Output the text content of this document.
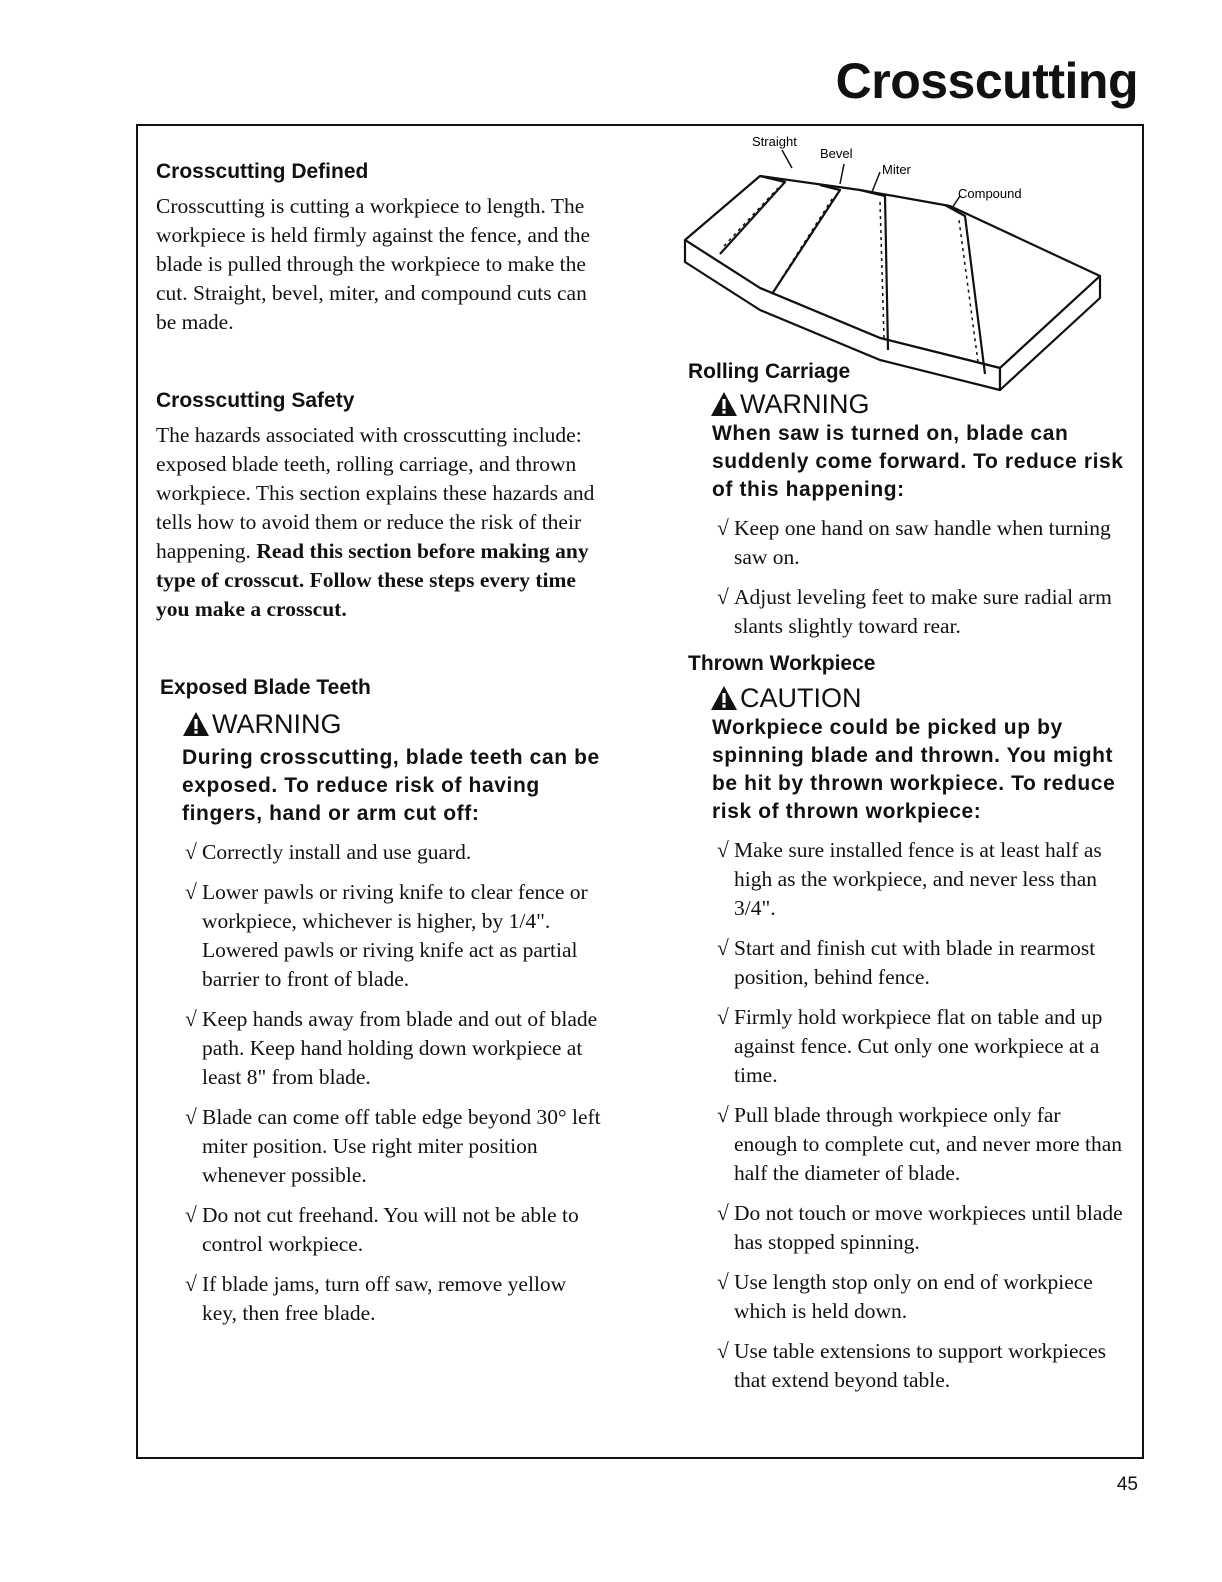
Crosscutting
Crosscutting Defined

Crosscutting is cutting a workpiece to length. The workpiece is held firmly against the fence, and the blade is pulled through the workpiece to make the cut. Straight, bevel, miter, and compound cuts can be made.

Crosscutting Safety

The hazards associated with crosscutting include: exposed blade teeth, rolling carriage, and thrown workpiece. This section explains these hazards and tells how to avoid them or reduce the risk of their happening. Read this section before making any type of crosscut. Follow these steps every time you make a crosscut.

Exposed Blade Teeth
WARNING

During crosscutting, blade teeth can be exposed. To reduce risk of having fingers, hand or arm cut off:

√ Correctly install and use guard.
√ Lower pawls or riving knife to clear fence or workpiece, whichever is higher, by 1/4". Lowered pawls or riving knife act as partial barrier to front of blade.
√ Keep hands away from blade and out of blade path. Keep hand holding down workpiece at least 8" from blade.
√ Blade can come off table edge beyond 30° left miter position. Use right miter position whenever possible.
√ Do not cut freehand. You will not be able to control workpiece.
√ If blade jams, turn off saw, remove yellow key, then free blade.
Straight
Bevel
Miter
Compound
Rolling Carriage
WARNING

When saw is turned on, blade can suddenly come forward. To reduce risk of this happening:

√ Keep one hand on saw handle when turning saw on.
√ Adjust leveling feet to make sure radial arm slants slightly toward rear.
Thrown Workpiece
CAUTION

Workpiece could be picked up by spinning blade and thrown. You might be hit by thrown workpiece. To reduce risk of thrown workpiece:

√ Make sure installed fence is at least half as high as the workpiece, and never less than 3/4".
√ Start and finish cut with blade in rearmost position, behind fence.
√ Firmly hold workpiece flat on table and up against fence. Cut only one workpiece at a time.
√ Pull blade through workpiece only far enough to complete cut, and never more than half the diameter of blade.
√ Do not touch or move workpieces until blade has stopped spinning.
√ Use length stop only on end of workpiece which is held down.
√ Use table extensions to support workpieces that extend beyond table.

45
